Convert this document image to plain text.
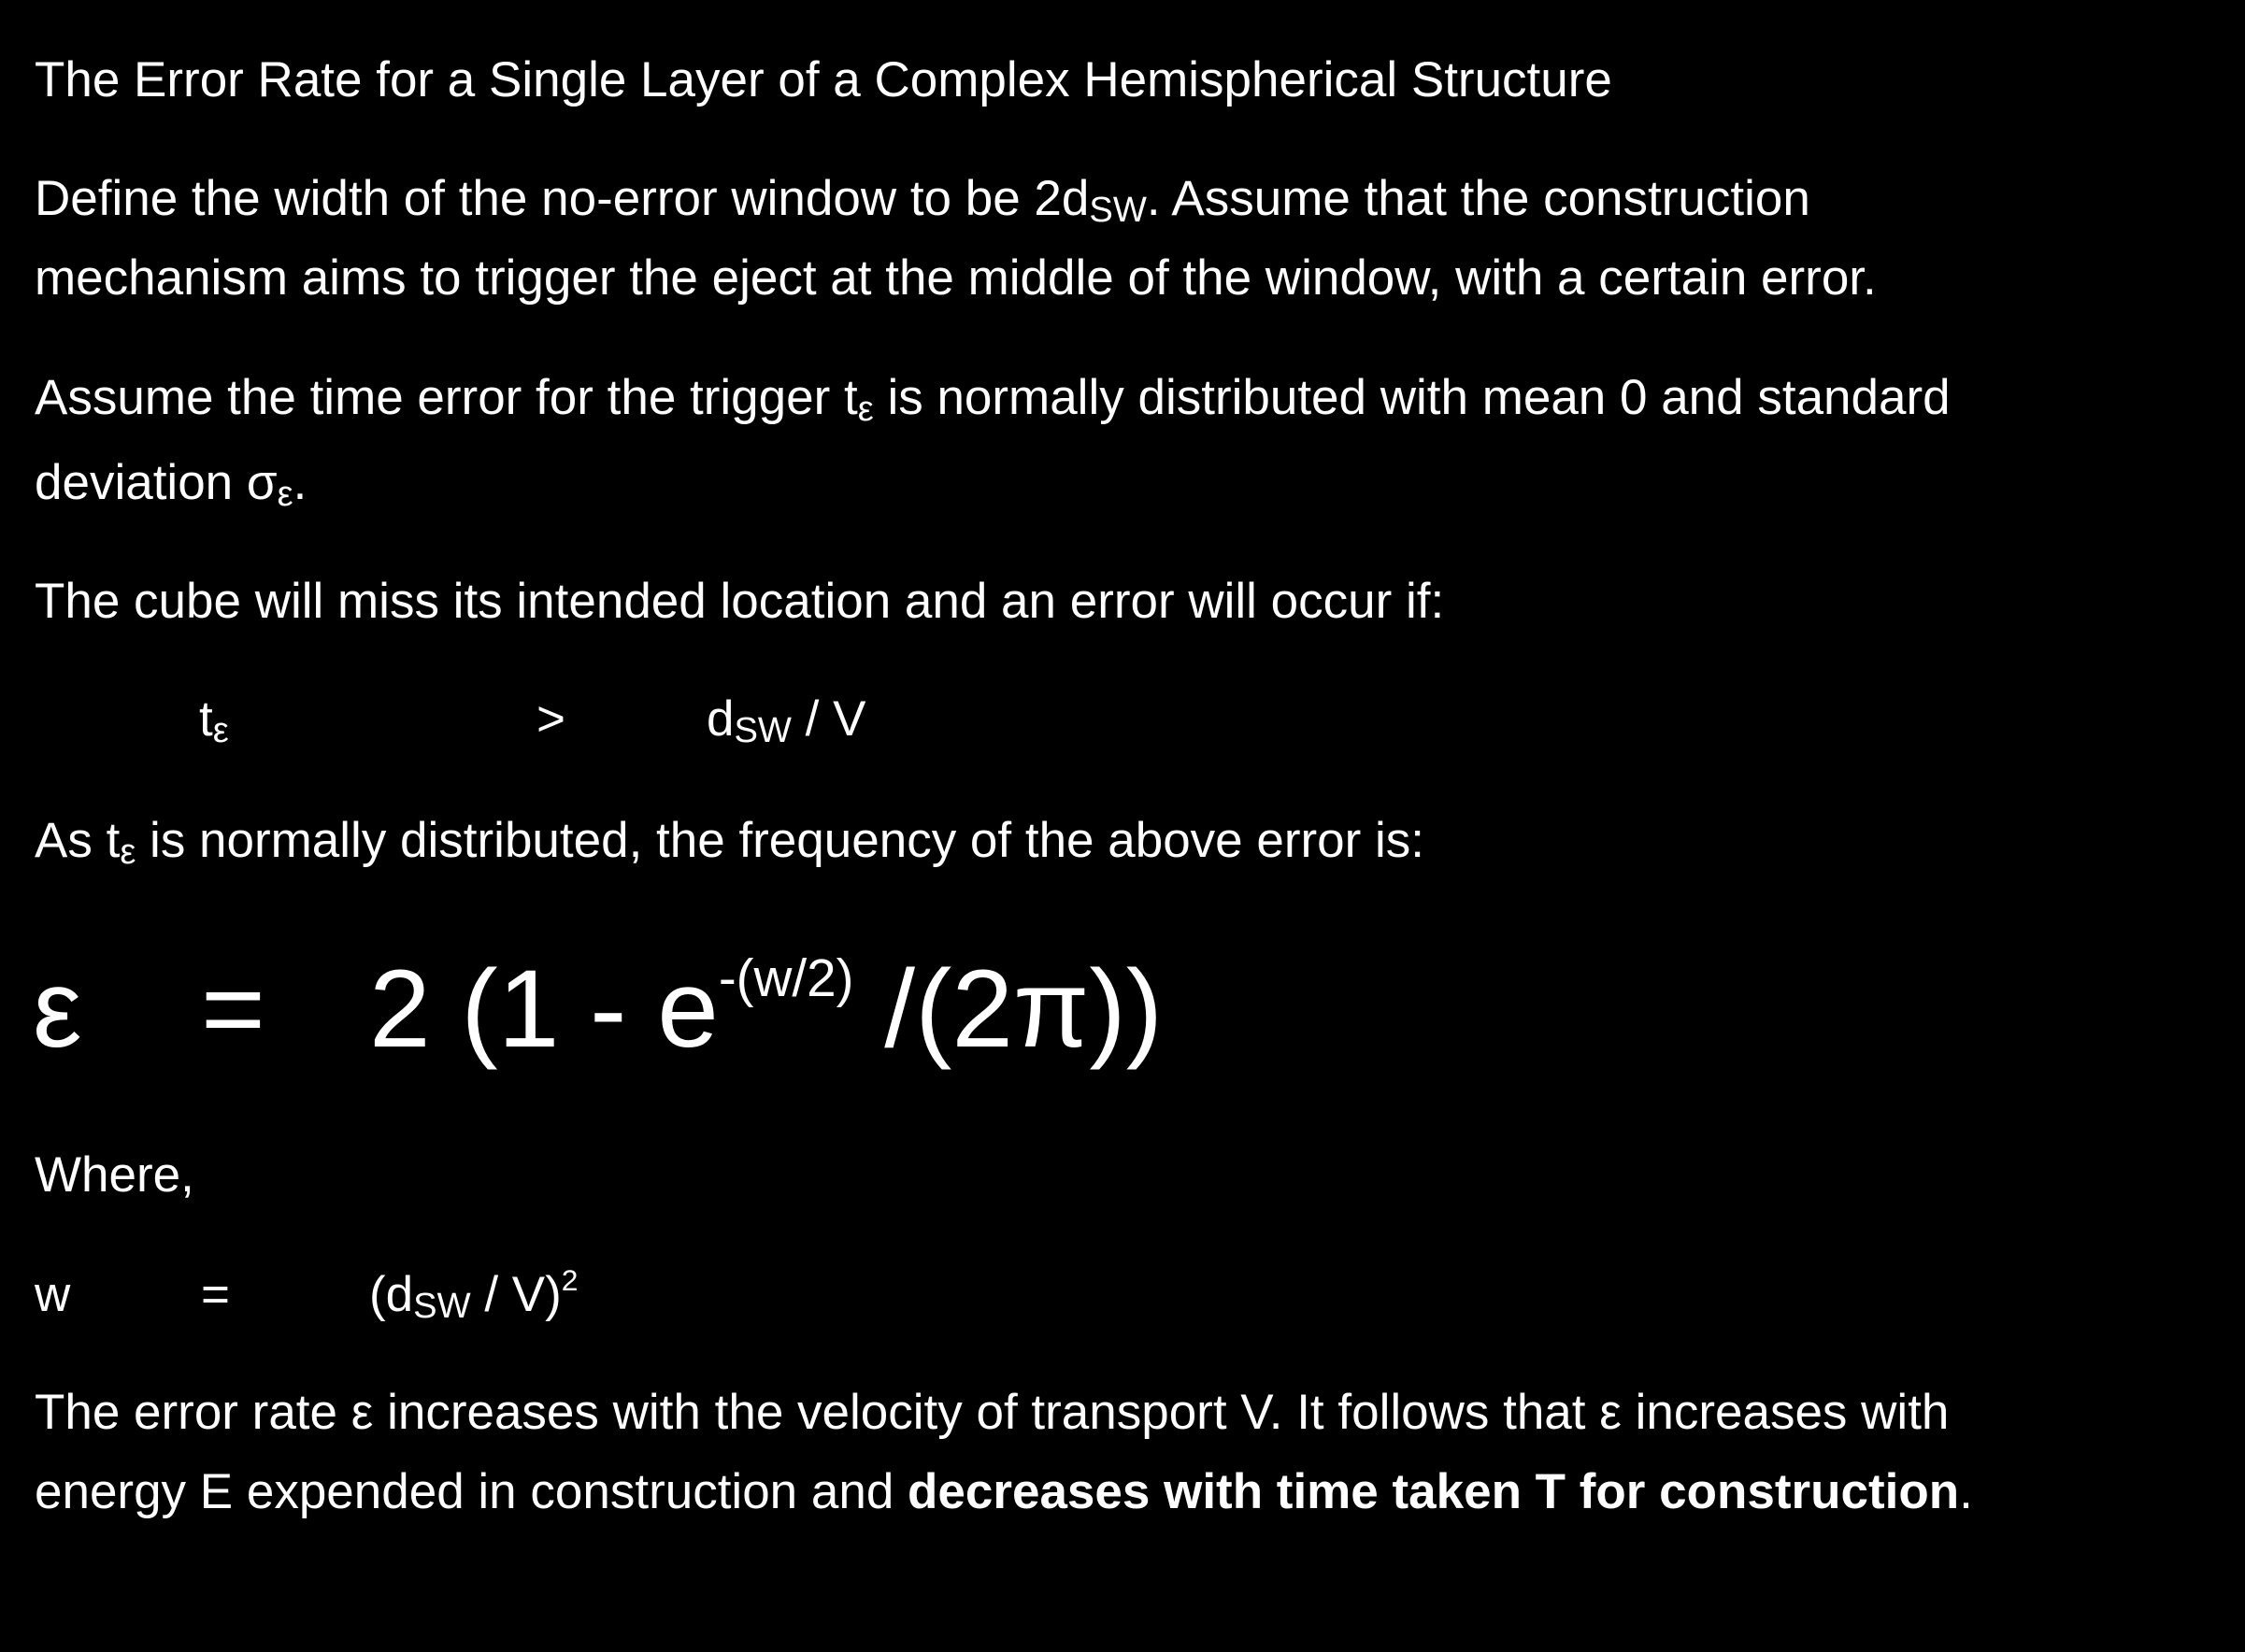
The Error Rate for a Single Layer of a Complex Hemispherical Structure
Define the width of the no-error window to be 2dSW. Assume that the construction
mechanism aims to trigger the eject at the middle of the window, with a certain error.
Assume the time error for the trigger tε is normally distributed with mean 0 and standard
deviation σε.
The cube will miss its intended location and an error will occur if:
tε	>	dSW / V
As tε is normally distributed, the frequency of the above error is:
ε = 2 ($1 - e^{-(w/2)}$ /(2π))
Where,
w	=	(dSW / V)$^2$
The error rate ε increases with the velocity of transport V. It follows that ε increases with
energy E expended in construction and decreases with time taken T for construction.
